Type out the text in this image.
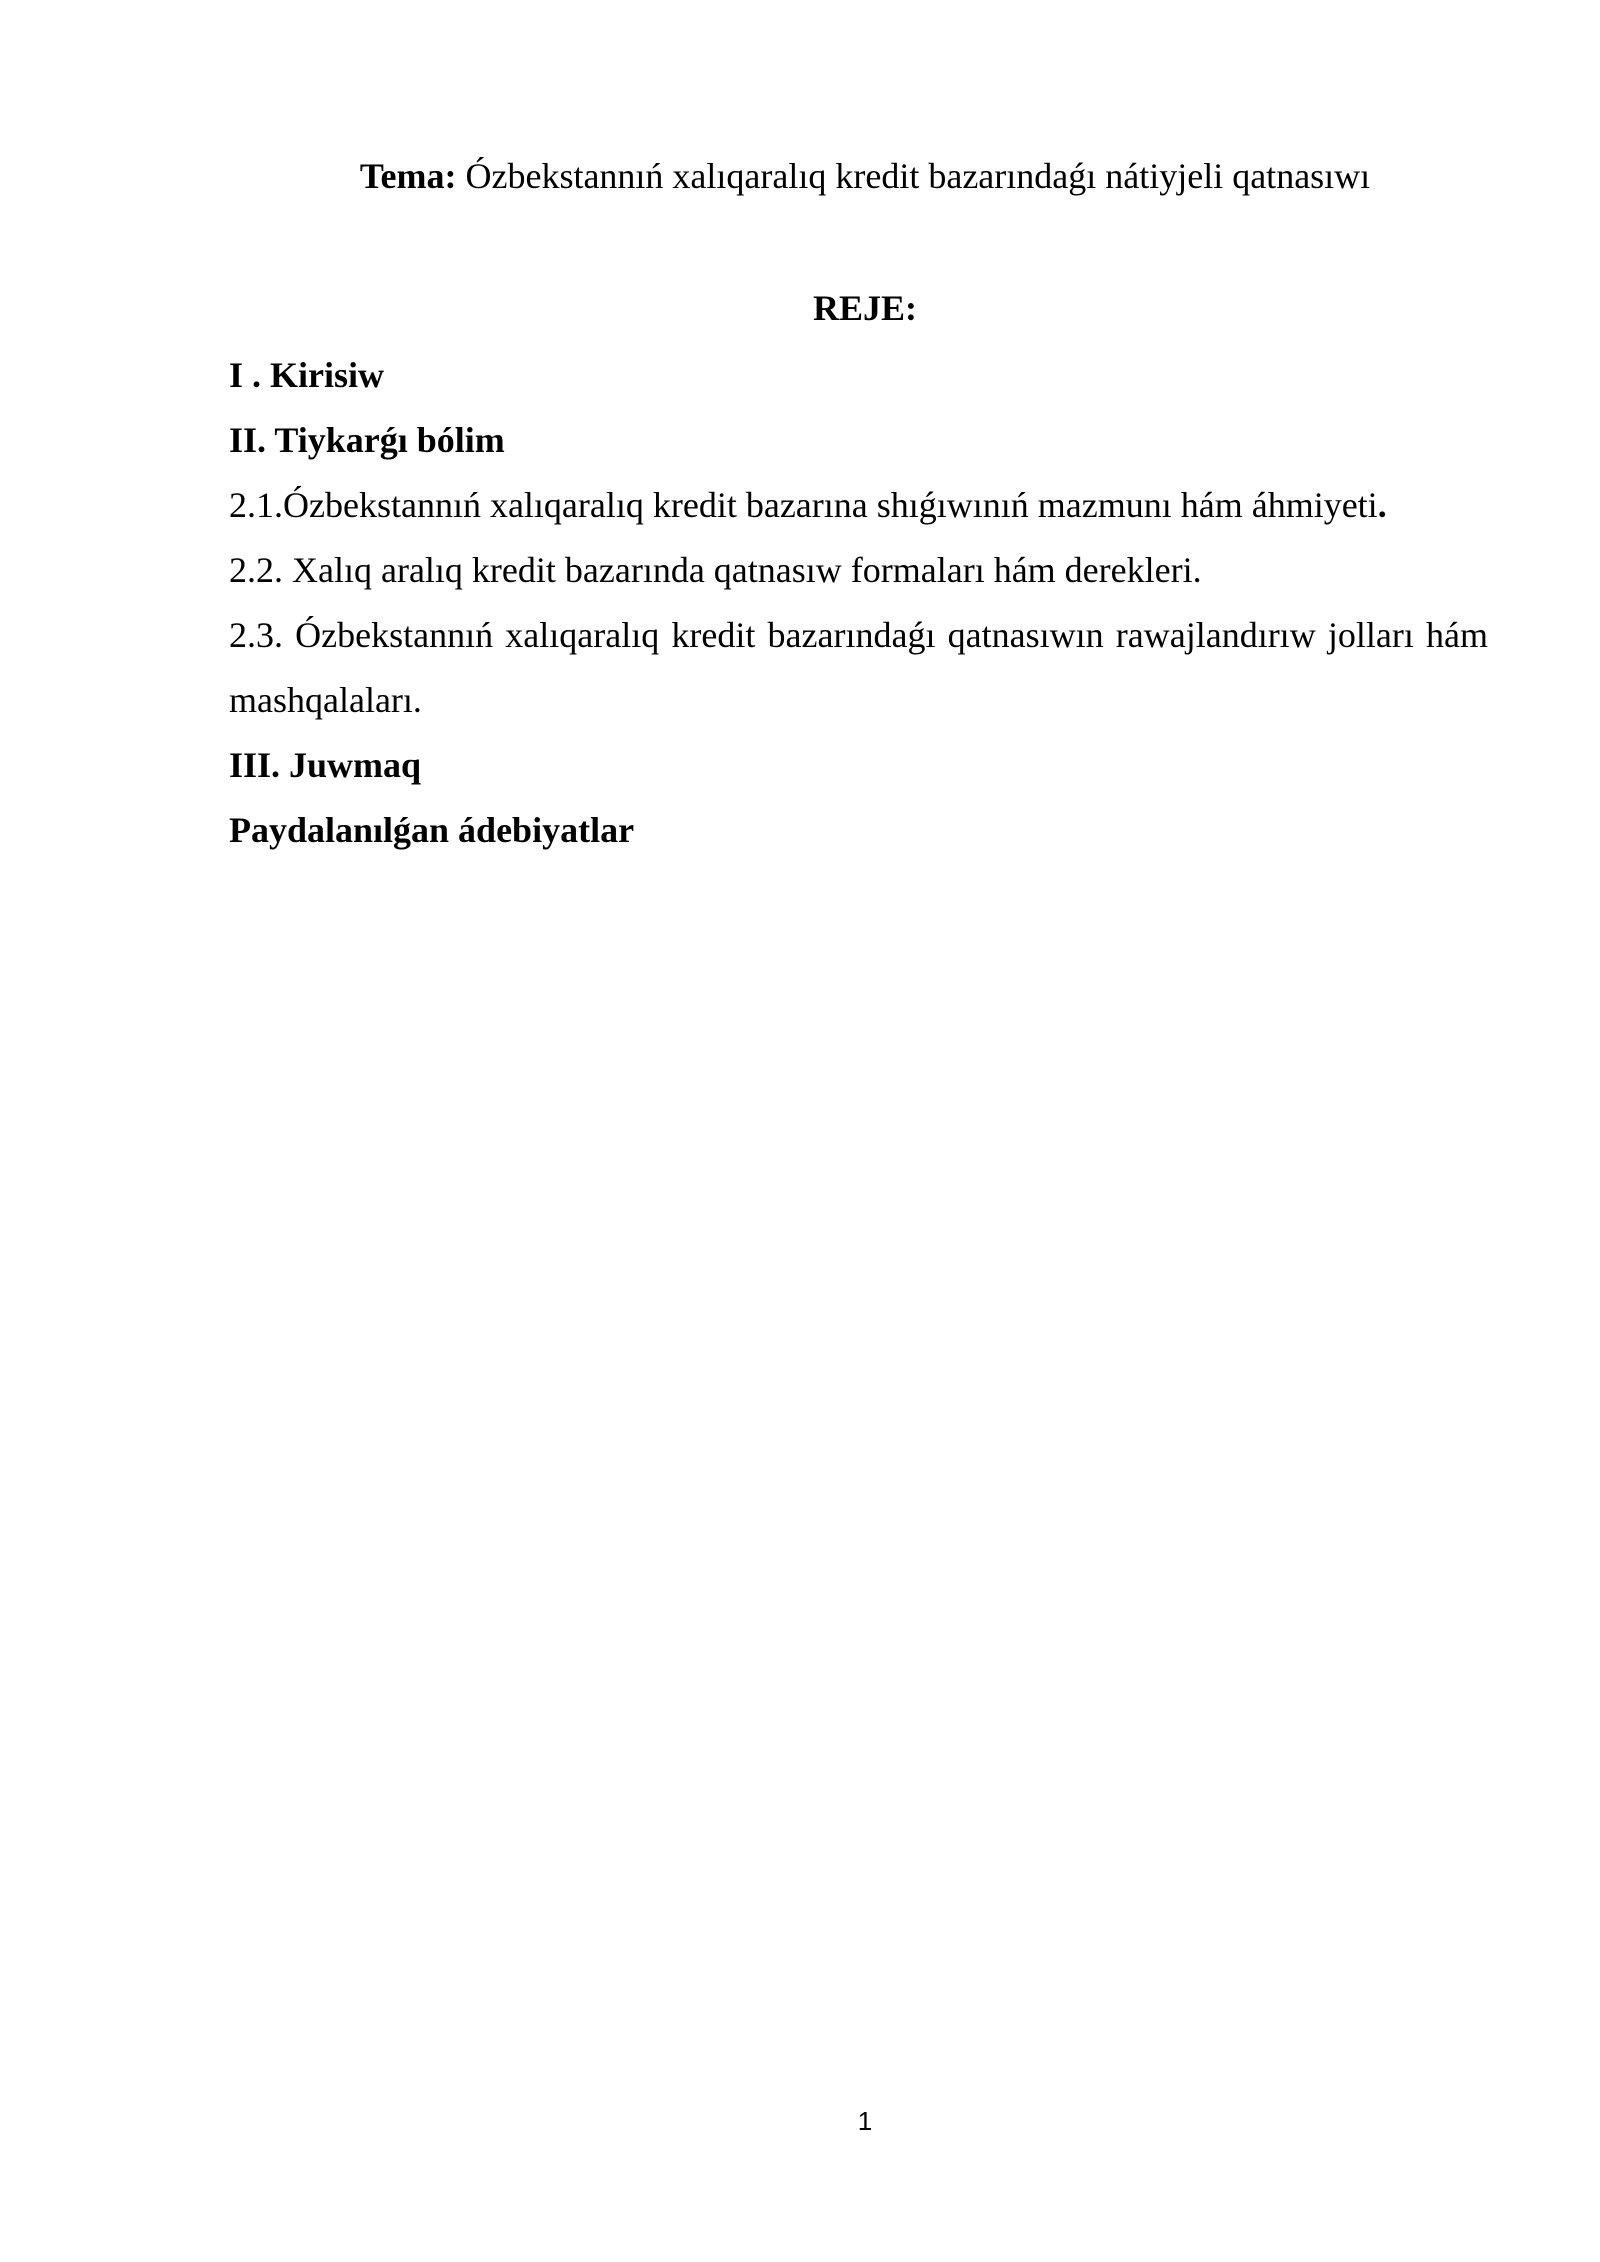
Tema: Ózbekstannıń xalıqaralıq kredit bazarındaǵı nátiyjeli qatnasıwı
REJE:
I . Kirisiw
II. Tiykarǵı bólim
2.1.Ózbekstannıń xalıqaralıq kredit bazarına shıǵıwınıń mazmunı hám áhmiyeti.
2.2. Xalıq aralıq kredit bazarında qatnasıw formaları hám derekleri.
2.3. Ózbekstannıń xalıqaralıq kredit bazarındaǵı qatnasıwın rawajlandırıw jolları hám mashqalaları.
III. Juwmaq
Paydalanılǵan ádebiyatlar
1
